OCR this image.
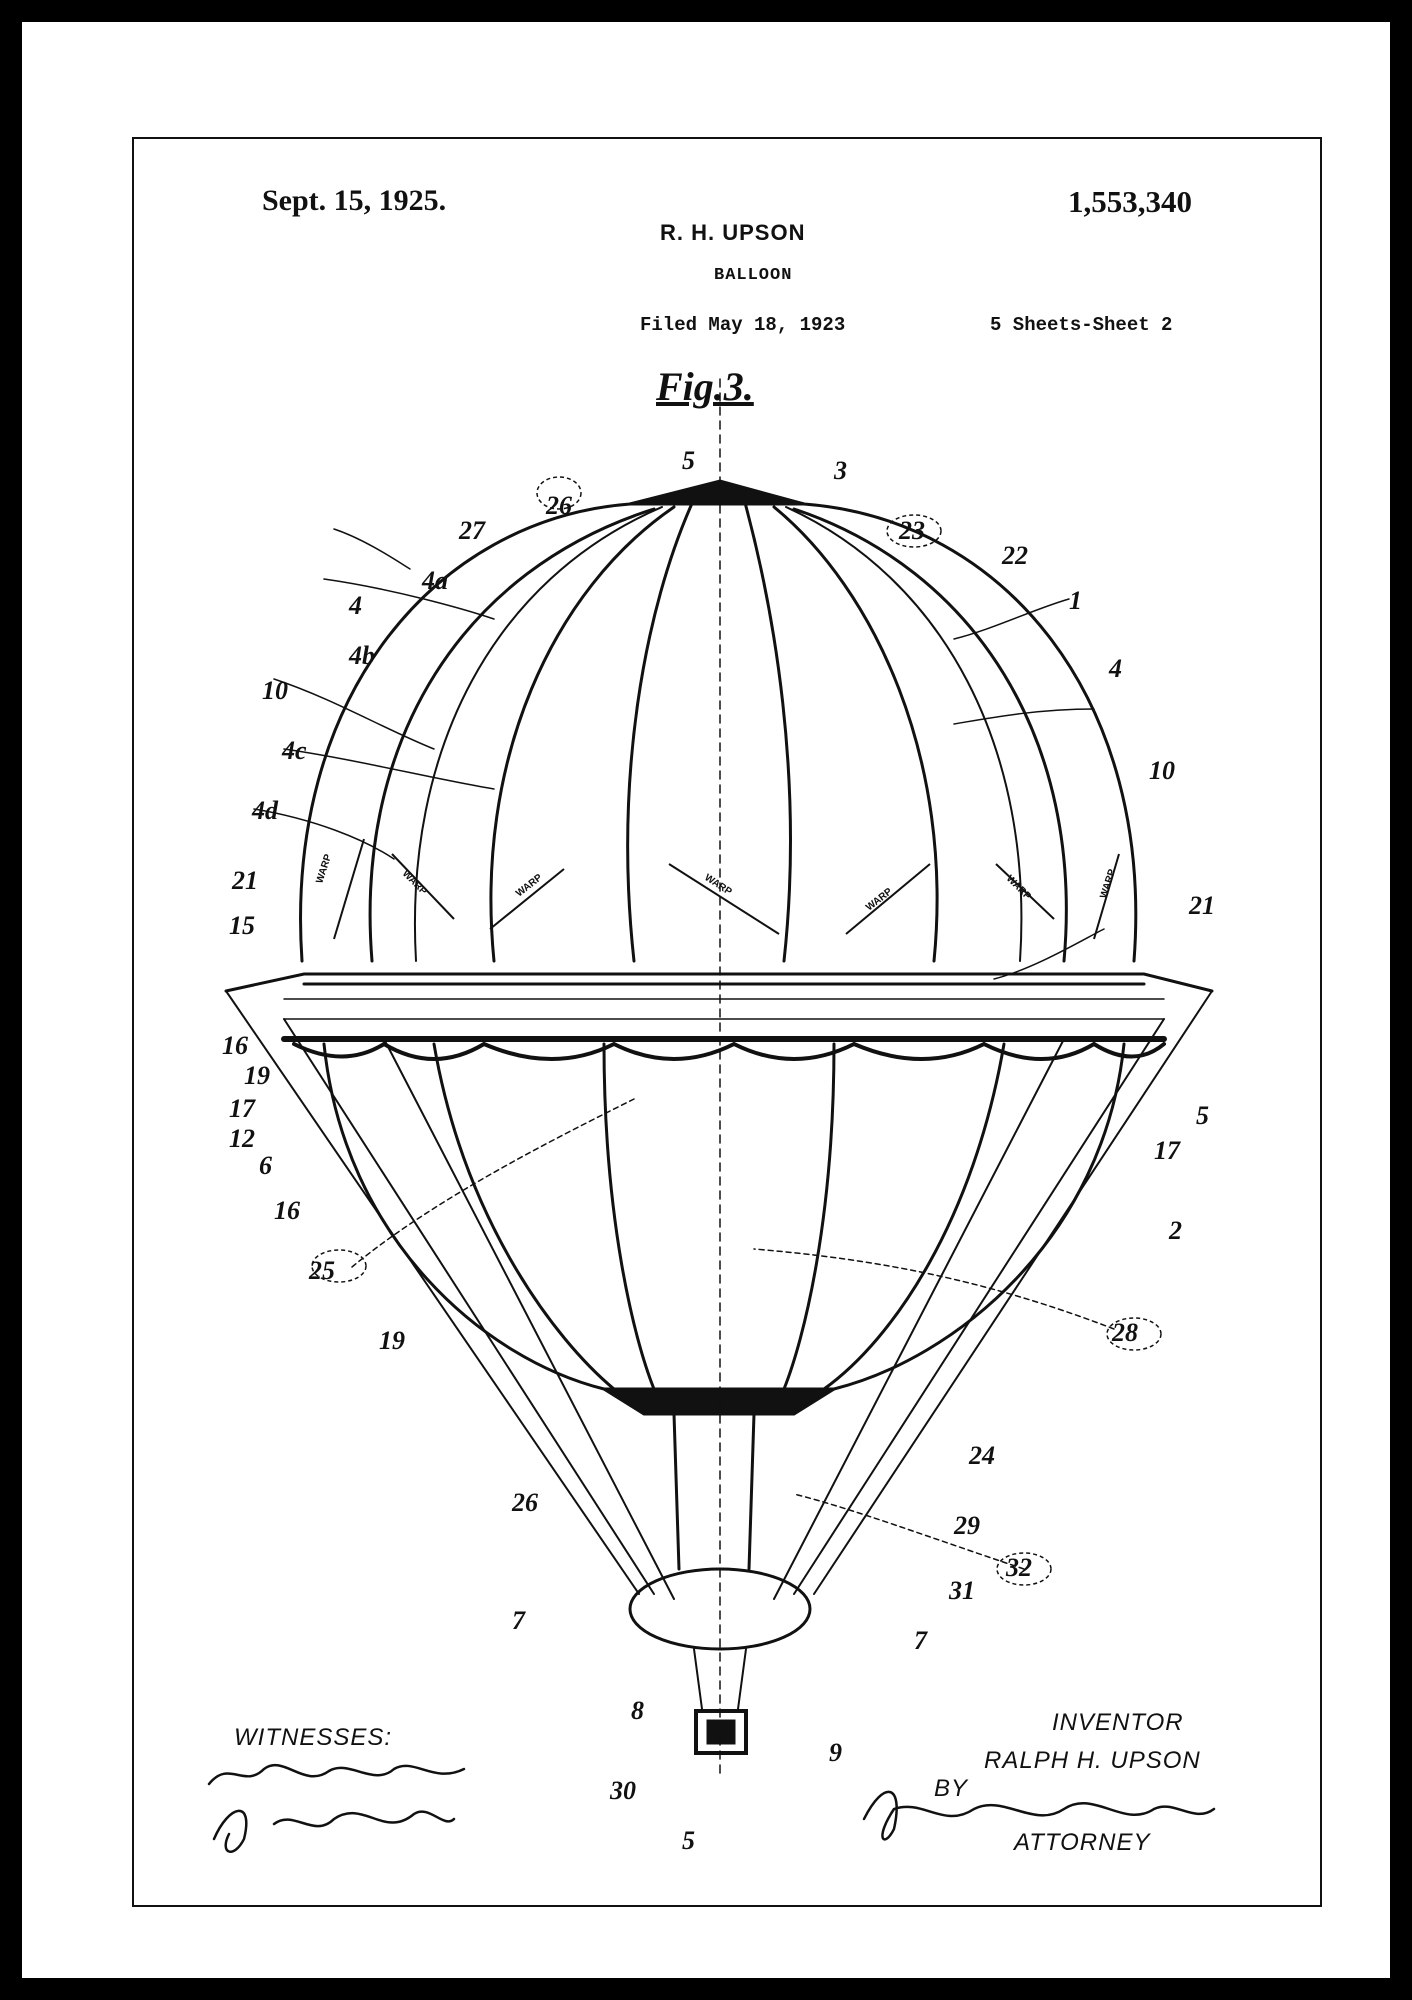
Sept. 15, 1925.	1,553,340
R. H. UPSON
BALLOON
Filed May 18, 1923	5 Sheets-Sheet 2
Fig.3.
WARP	WARP	WARP	WARP
WARP	WARP	WARP
5
5
1
2
3
4
4a
4b
4c
4d
4
5
6
7
7
8
9
10
10
12
15
16
16
17
17
19
19
21
21
22
23
24
25
26
26
27
28
29
30
31
32
WITNESSES:
INVENTOR
RALPH H. UPSON
BY
ATTORNEY
